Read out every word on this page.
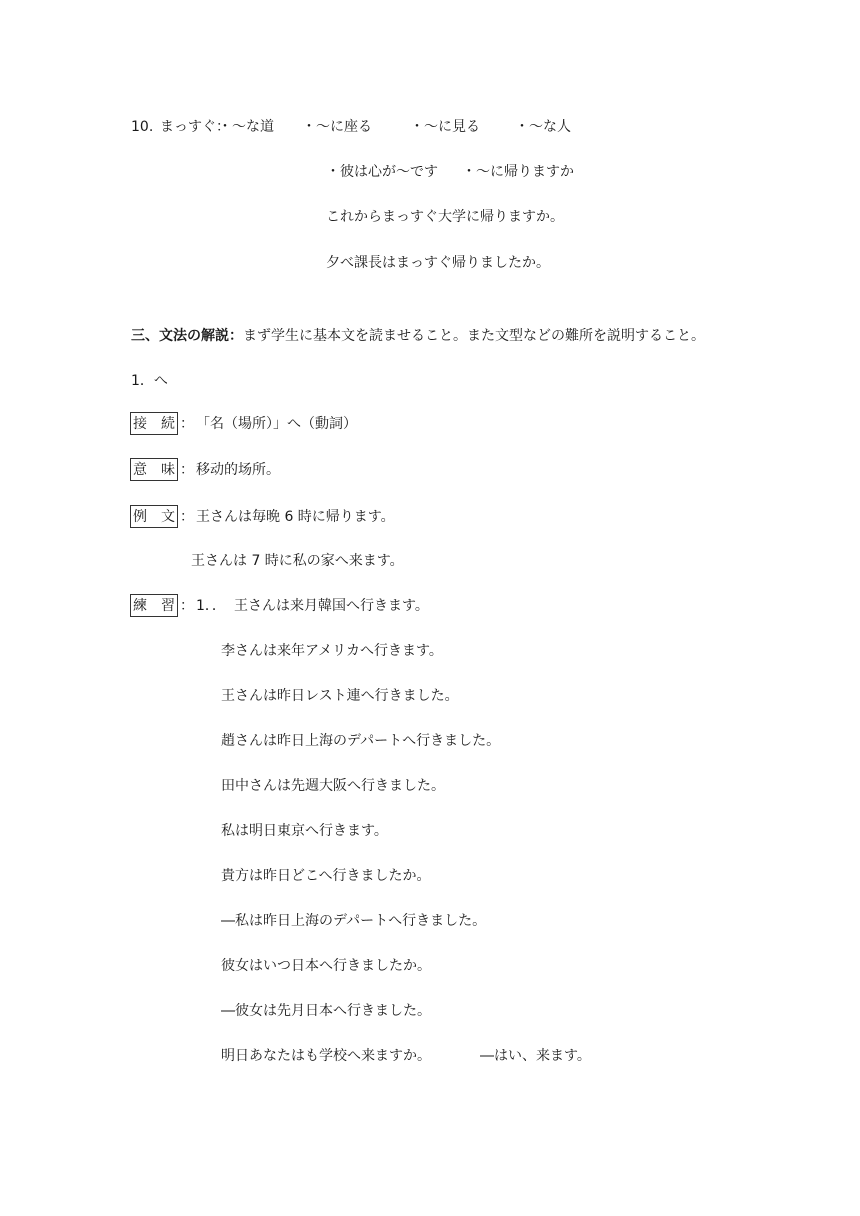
10. まっすぐ：
・～な道 ・～に座る	・～に見る	・～な人
・彼は心が～です ・～に帰りますか
これからまっすぐ大学に帰りますか。
夕べ課長はまっすぐ帰りましたか。
三、文法の解説：まず学生に基本文を読ませること。また文型などの難所を説明すること。
1．へ
接 続 ： 「名（場所）」へ（動詞）
意 味 ： 移动的场所。
例 文 ： 王さんは毎晩 6 時に帰ります。
王さんは 7 時に私の家へ来ます。
練 習 ： 1．． 王さんは来月韓国へ行きます。
李さんは来年アメリカへ行きます。
王さんは昨日レスト連へ行きました。
趙さんは昨日上海のデパートへ行きました。
田中さんは先週大阪へ行きました。
私は明日東京へ行きます。
貴方は昨日どこへ行きましたか。
―私は昨日上海のデパートへ行きました。
彼女はいつ日本へ行きましたか。
―彼女は先月日本へ行きました。
明日あなたはも学校へ来ますか。	―はい、来ます。
